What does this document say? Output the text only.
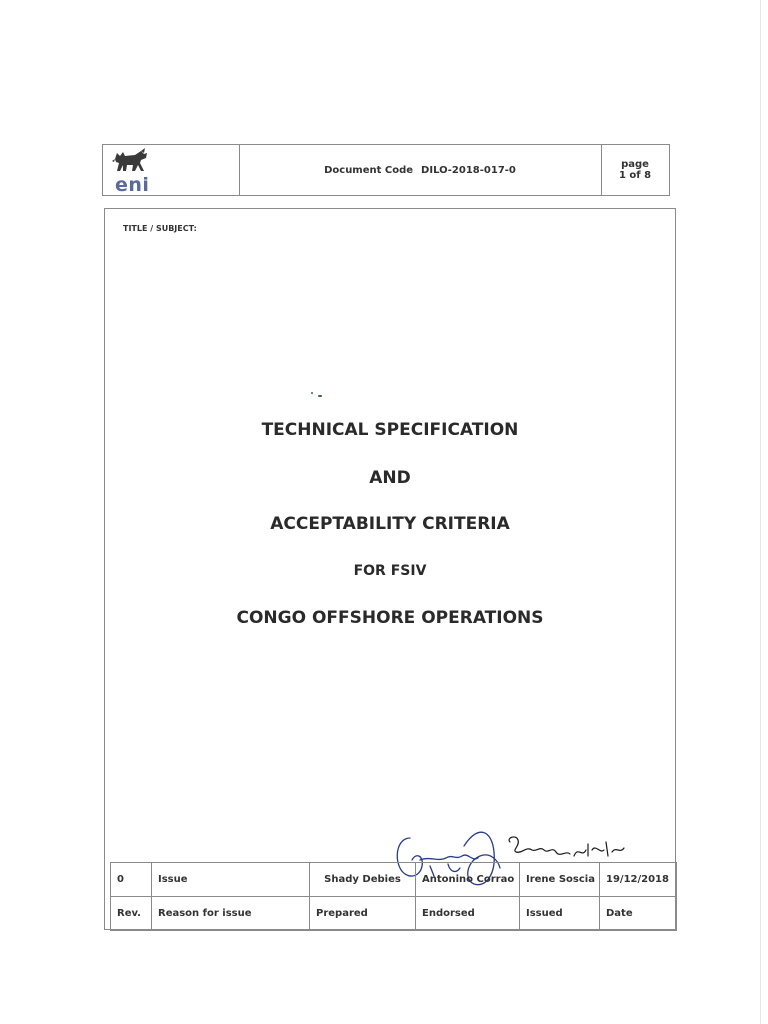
eni
Document Code DILO-2018-017-0	page
1 of 8
TITLE / SUBJECT:
TECHNICAL SPECIFICATION
AND
ACCEPTABILITY CRITERIA
FOR FSIV
CONGO OFFSHORE OPERATIONS
0	Issue	Shady Debies	Antonino Corrao	Irene Soscia	19/12/2018
Rev.	Reason for issue	Prepared	Endorsed	Issued	Date
